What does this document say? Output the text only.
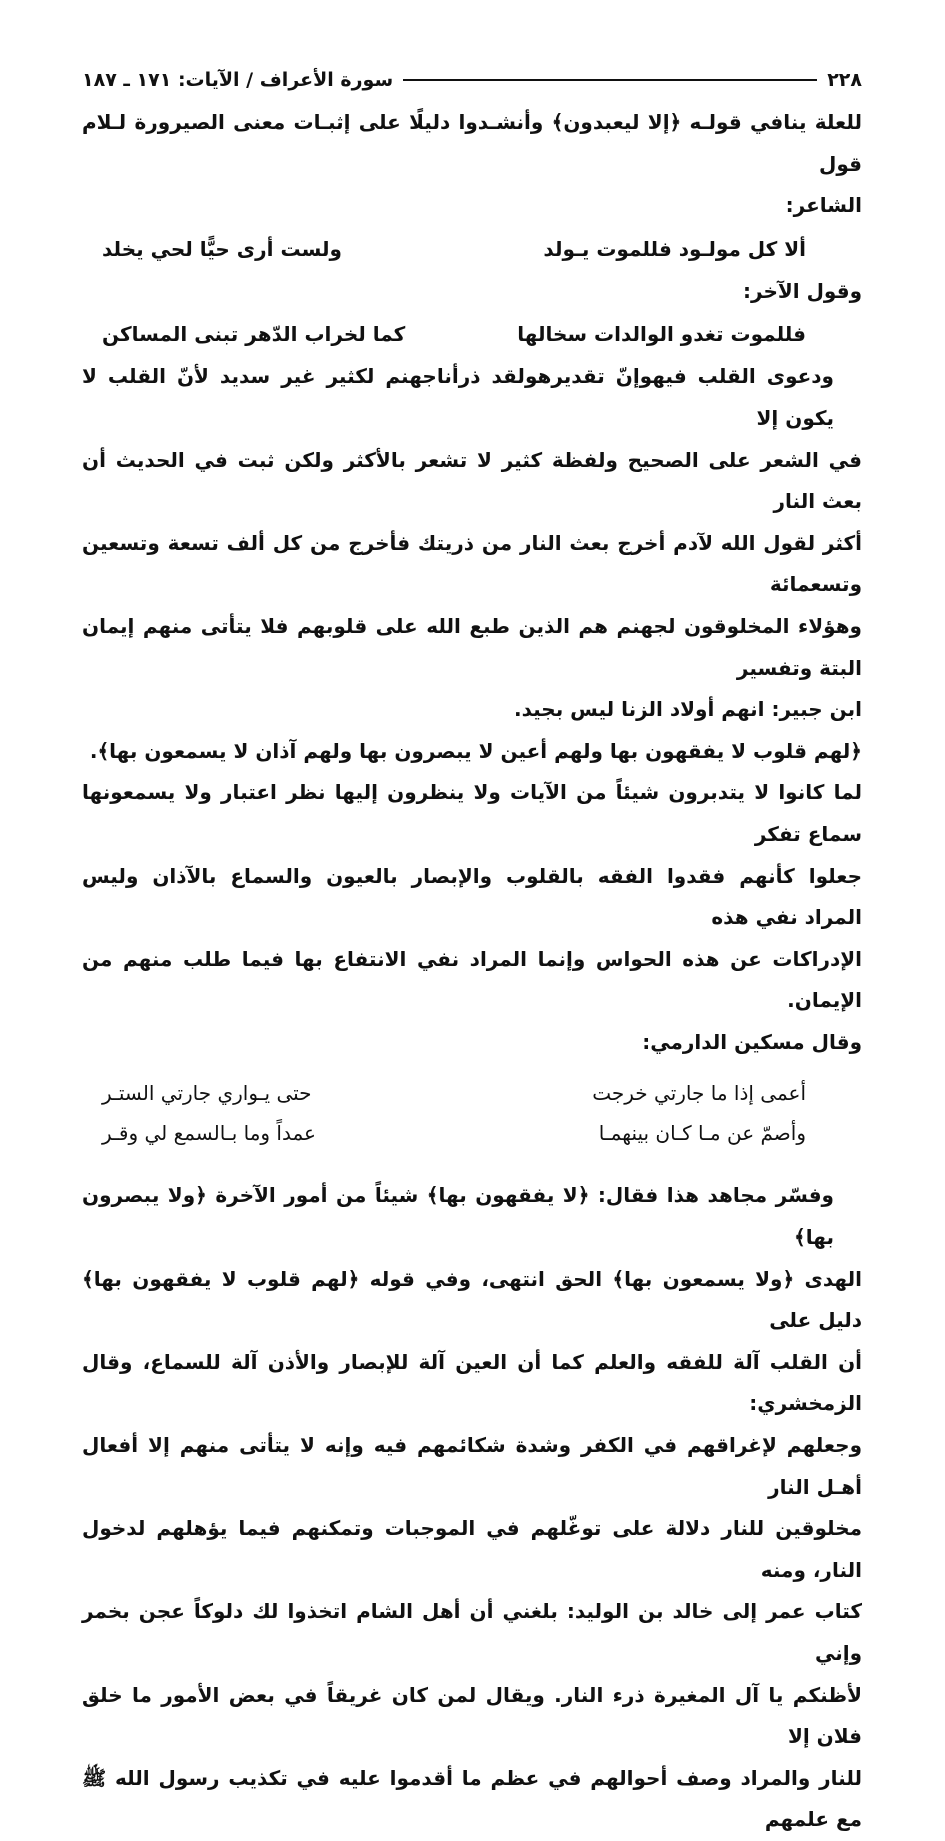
٢٢٨
سورة الأعراف / الآيات: ١٧١ ـ ١٨٧

للعلة ينافي قولـه ﴿إلا ليعبدون﴾ وأنشـدوا دليلًا على إثبـات معنى الصيرورة لـلام قول

الشاعر:

ألا كل مولـود فللموت يـولد
ولست أرى حيًّا لحي يخلد

وقول الآخر:

فللموت تغدو الوالدات سخالها
كما لخراب الدّهر تبنى المساكن

ودعوى القلب فيهوإنّ تقديرهولقد ذرأناجهنم لكثير غير سديد لأنّ القلب لا يكون إلا

في الشعر على الصحيح ولفظة كثير لا تشعر بالأكثر ولكن ثبت في الحديث أن بعث النار

أكثر لقول الله لآدم أخرج بعث النار من ذريتك فأخرج من كل ألف تسعة وتسعين وتسعمائة

وهؤلاء المخلوقون لجهنم هم الذين طبع الله على قلوبهم فلا يتأتى منهم إيمان البتة وتفسير

ابن جبير: انهم أولاد الزنا ليس بجيد.

﴿لهم قلوب لا يفقهون بها ولهم أعين لا يبصرون بها ولهم آذان لا يسمعون بها﴾.

لما كانوا لا يتدبرون شيئاً من الآيات ولا ينظرون إليها نظر اعتبار ولا يسمعونها سماع تفكر

جعلوا كأنهم فقدوا الفقه بالقلوب والإبصار بالعيون والسماع بالآذان وليس المراد نفي هذه

الإدراكات عن هذه الحواس وإنما المراد نفي الانتفاع بها فيما طلب منهم من الإيمان.

وقال مسكين الدارمي:

أعمى إذا ما جارتي خرجت
حتى يـواري جارتي الستـر
وأصمّ عن مـا كـان بينهمـا
عمداً وما بـالسمع لي وقـر

وفسّر مجاهد هذا فقال: ﴿لا يفقهون بها﴾ شيئاً من أمور الآخرة ﴿ولا يبصرون بها﴾

الهدى ﴿ولا يسمعون بها﴾ الحق انتهى، وفي قوله ﴿لهم قلوب لا يفقهون بها﴾ دليل على

أن القلب آلة للفقه والعلم كما أن العين آلة للإبصار والأذن آلة للسماع، وقال الزمخشري:

وجعلهم لإغراقهم في الكفر وشدة شكائمهم فيه وإنه لا يتأتى منهم إلا أفعال أهـل النار

مخلوقين للنار دلالة على توغّلهم في الموجبات وتمكنهم فيما يؤهلهم لدخول النار، ومنه

كتاب عمر إلى خالد بن الوليد: بلغني أن أهل الشام اتخذوا لك دلوكاً عجن بخمر وإني

لأظنكم يا آل المغيرة ذرء النار. ويقال لمن كان غريقاً في بعض الأمور ما خلق فلان إلا

للنار والمراد وصف أحوالهم في عظم ما أقدموا عليه في تكذيب رسول الله ﷺ مع علمهم
